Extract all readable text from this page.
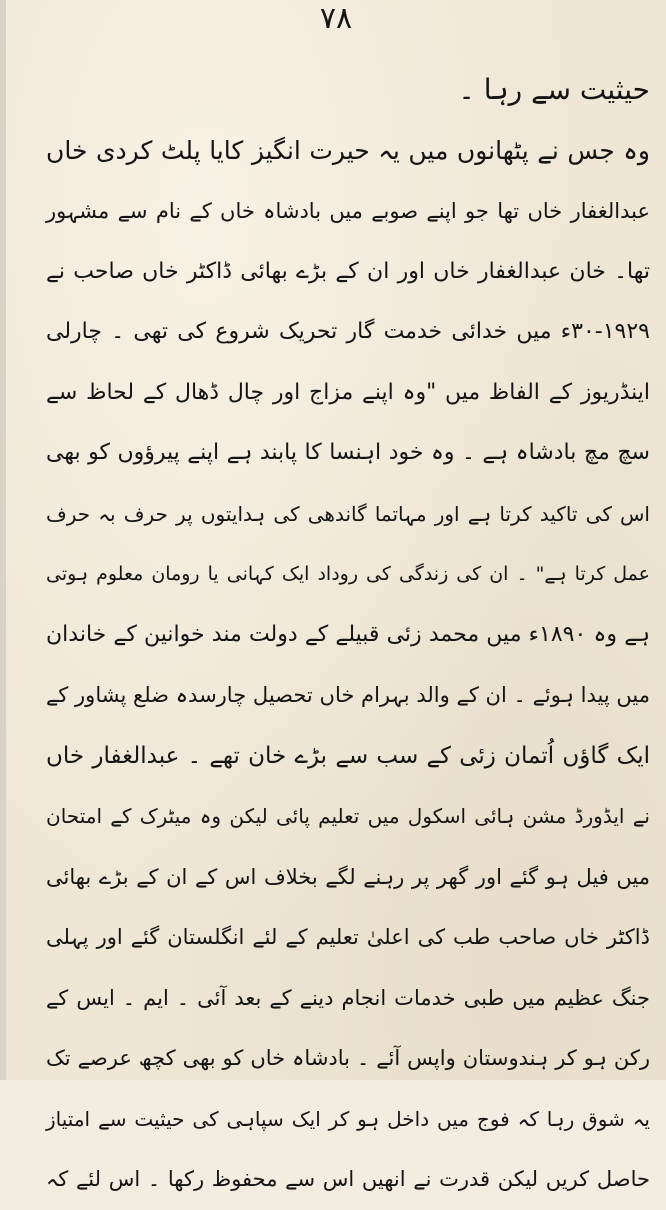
۷۸
حیثیت سے رہا ۔
وہ جس نے پٹھانوں میں یہ حیرت انگیز کایا پلٹ کردی خاں
عبدالغفار خاں تھا جو اپنے صوبے میں بادشاہ خاں کے نام سے مشہور
تھا۔ خان عبدالغفار خاں اور ان کے بڑے بھائی ڈاکٹر خاں صاحب نے
۳۰-۱۹۲۹ء میں خدائی خدمت گار تحریک شروع کی تھی ۔ چارلی
اینڈریوز کے الفاظ میں "وہ اپنے مزاج اور چال ڈھال کے لحاظ سے
سچ مچ بادشاہ ہے ۔ وہ خود اہنسا کا پابند ہے اپنے پیرؤوں کو بھی
اس کی تاکید کرتا ہے اور مہاتما گاندھی کی ہدایتوں پر حرف بہ حرف
عمل کرتا ہے" ۔ ان کی زندگی کی روداد ایک کہانی یا رومان معلوم ہوتی
ہے وہ ۱۸۹۰ء میں محمد زئی قبیلے کے دولت مند خوانین کے خاندان
میں پیدا ہوئے ۔ ان کے والد بہرام خاں تحصیل چارسدہ ضلع پشاور کے
ایک گاؤں اُتمان زئی کے سب سے بڑے خان تھے ۔ عبدالغفار خاں
نے ایڈورڈ مشن ہائی اسکول میں تعلیم پائی لیکن وہ میٹرک کے امتحان
میں فیل ہو گئے اور گھر پر رہنے لگے بخلاف اس کے ان کے بڑے بھائی
ڈاکٹر خاں صاحب طب کی اعلیٰ تعلیم کے لئے انگلستان گئے اور پہلی
جنگ عظیم میں طبی خدمات انجام دینے کے بعد آئی ۔ ایم ۔ ایس کے
رکن ہو کر ہندوستان واپس آئے ۔ بادشاہ خاں کو بھی کچھ عرصے تک
یہ شوق رہا کہ فوج میں داخل ہو کر ایک سپاہی کی حیثیت سے امتیاز
حاصل کریں لیکن قدرت نے انھیں اس سے محفوظ رکھا ۔ اس لئے کہ
